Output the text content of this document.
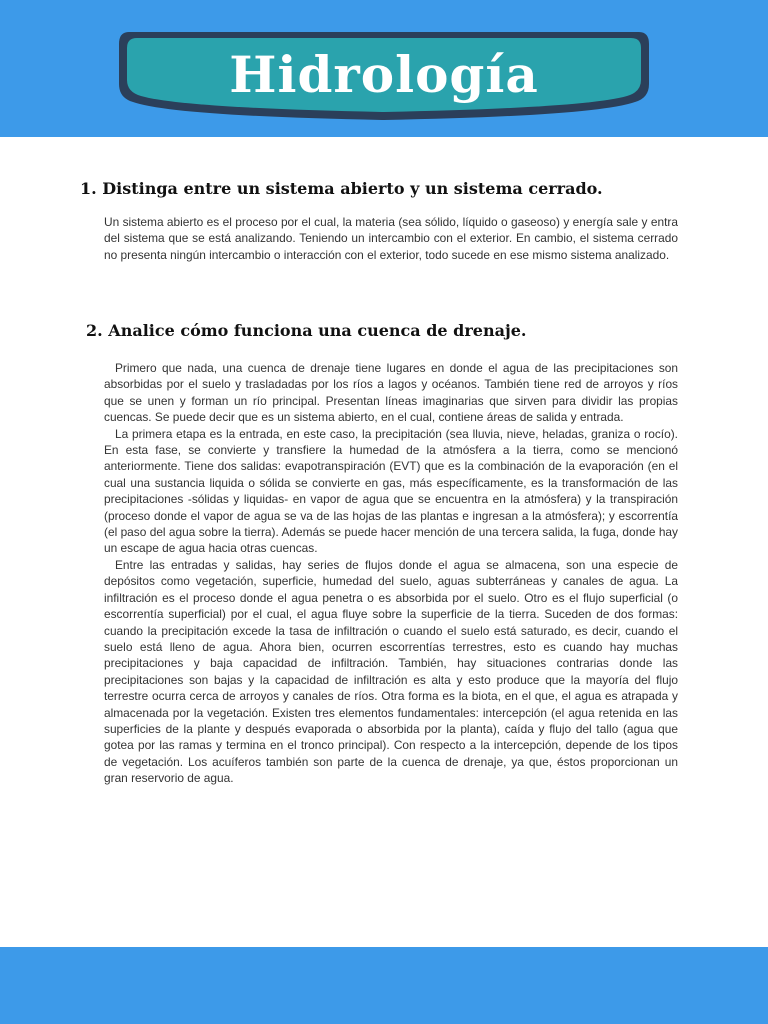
Hidrología
1. Distinga entre un sistema abierto y un sistema cerrado.

Un sistema abierto es el proceso por el cual, la materia (sea sólido, líquido o gaseoso) y energía sale y entra del sistema que se está analizando. Teniendo un intercambio con el exterior. En cambio, el sistema cerrado no presenta ningún intercambio o interacción con el exterior, todo sucede en ese mismo sistema analizado.

2. Analice cómo funciona una cuenca de drenaje.

Primero que nada, una cuenca de drenaje tiene lugares en donde el agua de las precipitaciones son absorbidas por el suelo y trasladadas por los ríos a lagos y océanos. También tiene red de arroyos y ríos que se unen y forman un río principal. Presentan líneas imaginarias que sirven para dividir las propias cuencas. Se puede decir que es un sistema abierto, en el cual, contiene áreas de salida y entrada.

La primera etapa es la entrada, en este caso, la precipitación (sea lluvia, nieve, heladas, graniza o rocío). En esta fase, se convierte y transfiere la humedad de la atmósfera a la tierra, como se mencionó anteriormente. Tiene dos salidas: evapotranspiración (EVT) que es la combinación de la evaporación (en el cual una sustancia liquida o sólida se convierte en gas, más específicamente, es la transformación de las precipitaciones -sólidas y liquidas- en vapor de agua que se encuentra en la atmósfera) y la transpiración (proceso donde el vapor de agua se va de las hojas de las plantas e ingresan a la atmósfera); y escorrentía (el paso del agua sobre la tierra). Además se puede hacer mención de una tercera salida, la fuga, donde hay un escape de agua hacia otras cuencas.

Entre las entradas y salidas, hay series de flujos donde el agua se almacena, son una especie de depósitos como vegetación, superficie, humedad del suelo, aguas subterráneas y canales de agua. La infiltración es el proceso donde el agua penetra o es absorbida por el suelo. Otro es el flujo superficial (o escorrentía superficial) por el cual, el agua fluye sobre la superficie de la tierra. Suceden de dos formas: cuando la precipitación excede la tasa de infiltración o cuando el suelo está saturado, es decir, cuando el suelo está lleno de agua. Ahora bien, ocurren escorrentías terrestres, esto es cuando hay muchas precipitaciones y baja capacidad de infiltración. También, hay situaciones contrarias donde las precipitaciones son bajas y la capacidad de infiltración es alta y esto produce que la mayoría del flujo terrestre ocurra cerca de arroyos y canales de ríos. Otra forma es la biota, en el que, el agua es atrapada y almacenada por la vegetación. Existen tres elementos fundamentales: intercepción (el agua retenida en las superficies de la plante y después evaporada o absorbida por la planta), caída y flujo del tallo (agua que gotea por las ramas y termina en el tronco principal). Con respecto a la intercepción, depende de los tipos de vegetación. Los acuíferos también son parte de la cuenca de drenaje, ya que, éstos proporcionan un gran reservorio de agua.
